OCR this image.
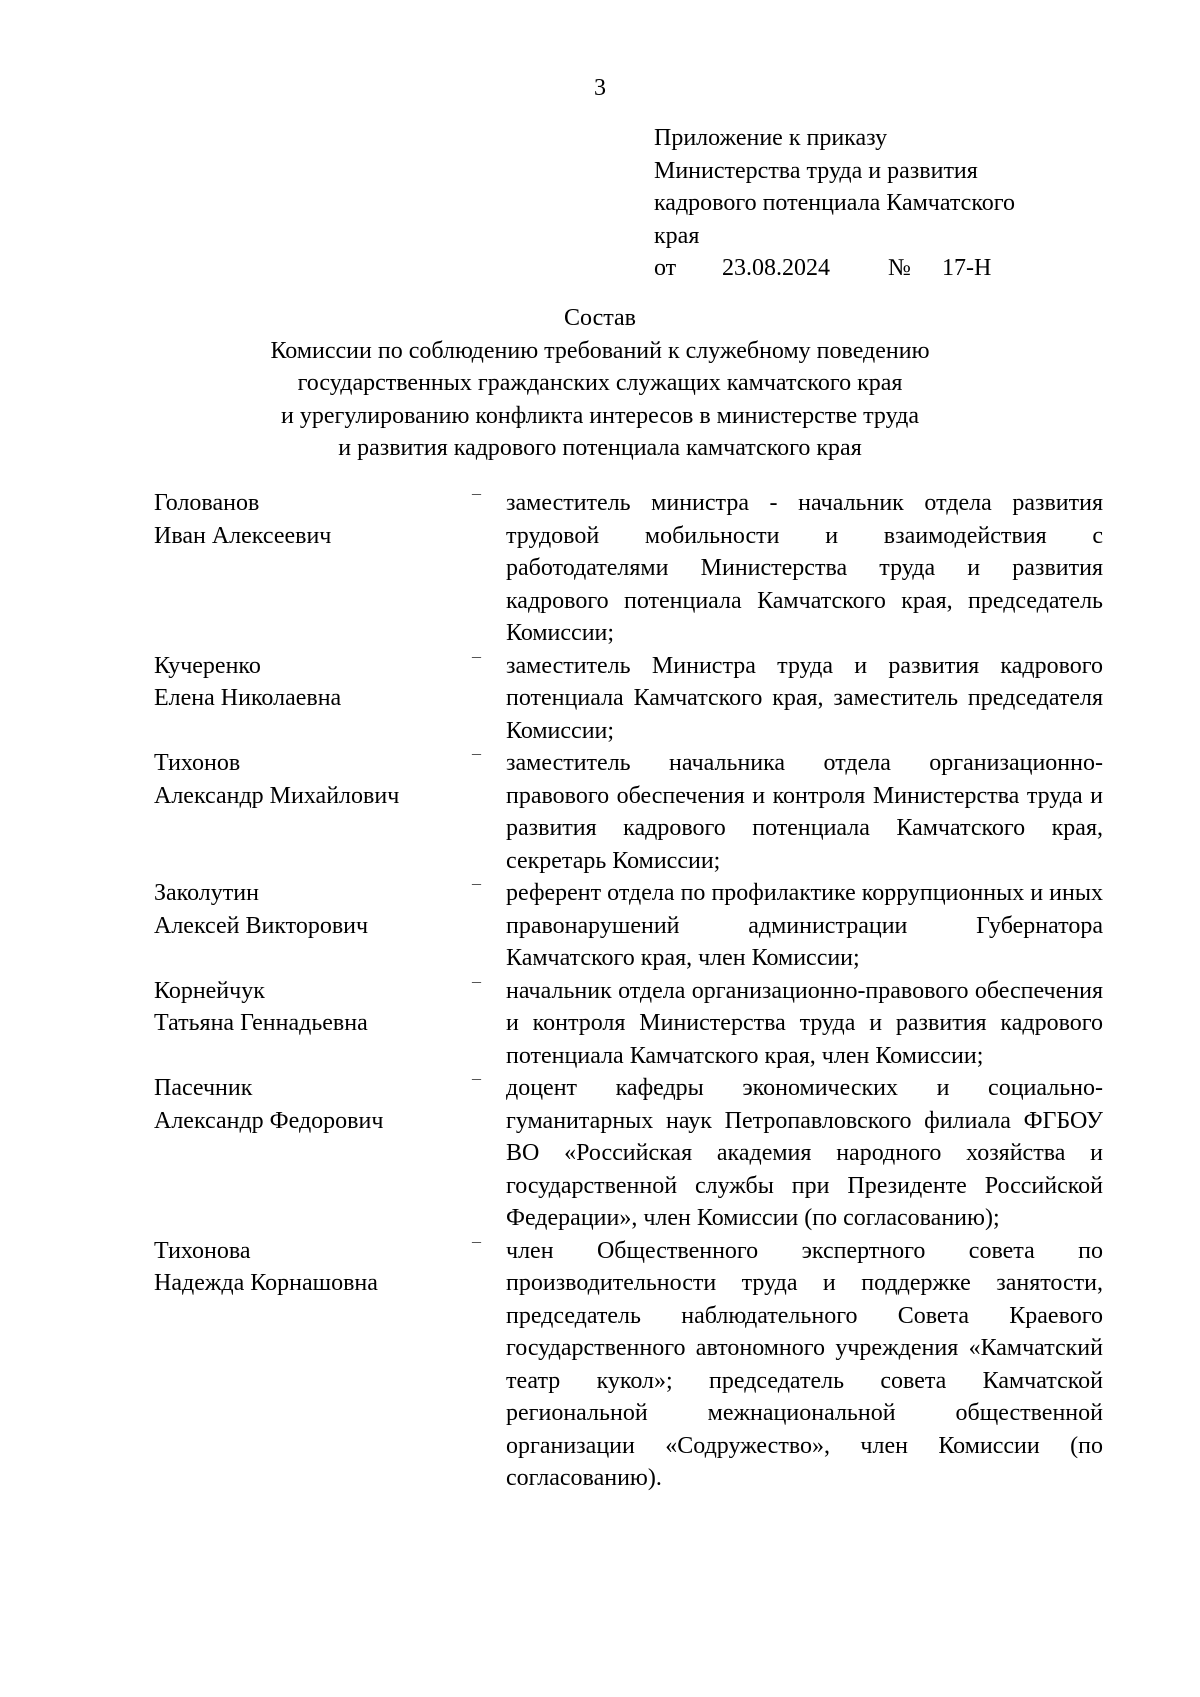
3
Приложение к приказу
Министерства труда и развития
кадрового потенциала Камчатского
края
от 23.08.2024 № 17-Н
Состав
Комиссии по соблюдению требований к служебному поведению
государственных гражданских служащих камчатского края
и урегулированию конфликта интересов в министерстве труда
и развития кадрового потенциала камчатского края
Голованов
Иван Алексеевич
– заместитель министра - начальник отдела развития трудовой мобильности и взаимодействия с работодателями Министерства труда и развития кадрового потенциала Камчатского края, председатель Комиссии;
Кучеренко
Елена Николаевна
– заместитель Министра труда и развития кадрового потенциала Камчатского края, заместитель председателя Комиссии;
Тихонов
Александр Михайлович
– заместитель начальника отдела организационно-правового обеспечения и контроля Министерства труда и развития кадрового потенциала Камчатского края, секретарь Комиссии;
Заколутин
Алексей Викторович
– референт отдела по профилактике коррупционных и иных правонарушений администрации Губернатора Камчатского края, член Комиссии;
Корнейчук
Татьяна Геннадьевна
– начальник отдела организационно-правового обеспечения и контроля Министерства труда и развития кадрового потенциала Камчатского края, член Комиссии;
Пасечник
Александр Федорович
– доцент кафедры экономических и социально-гуманитарных наук Петропавловского филиала ФГБОУ ВО «Российская академия народного хозяйства и государственной службы при Президенте Российской Федерации», член Комиссии (по согласованию);
Тихонова
Надежда Корнашовна
– член Общественного экспертного совета по производительности труда и поддержке занятости, председатель наблюдательного Совета Краевого государственного автономного учреждения «Камчатский театр кукол»; председатель совета Камчатской региональной межнациональной общественной организации «Содружество», член Комиссии (по согласованию).
